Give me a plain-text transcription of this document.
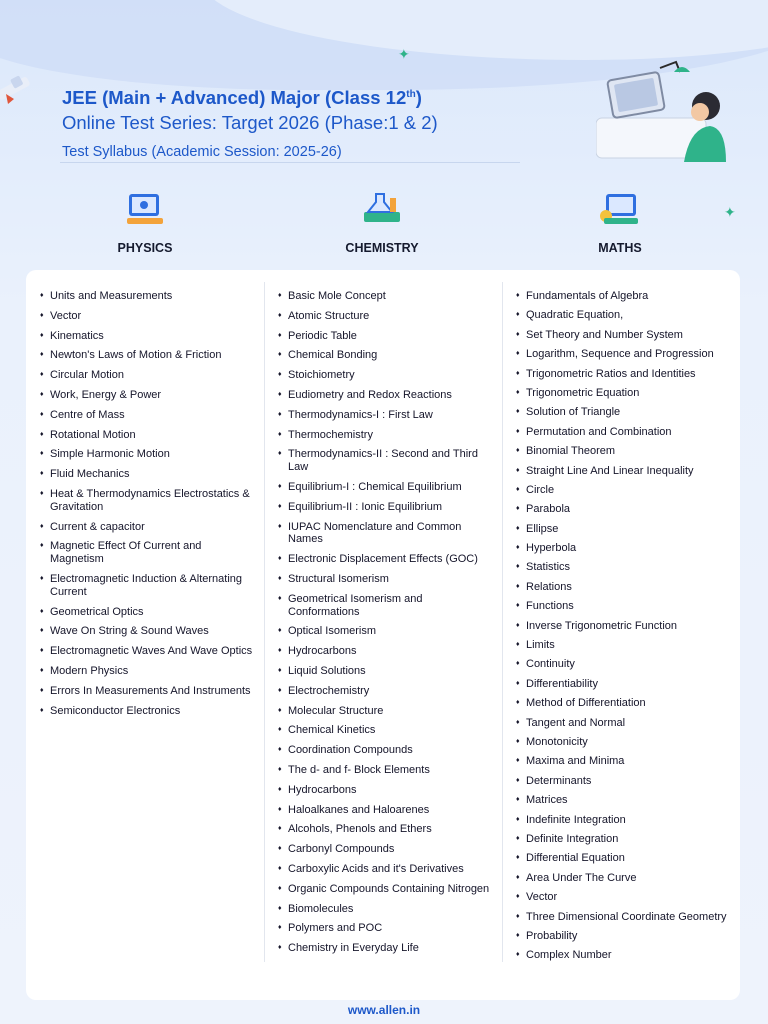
✦
✦

JEE (Main + Advanced) Major (Class 12th)

Online Test Series: Target 2026 (Phase:1 & 2)

Test Syllabus (Academic Session: 2025-26)

PHYSICS	CHEMISTRY	MATHS
♦ Units and Measurements
♦ Vector
♦ Kinematics
♦ Newton's Laws of Motion & Friction
♦ Circular Motion
♦ Work, Energy & Power
♦ Centre of Mass
♦ Rotational Motion
♦ Simple Harmonic Motion
♦ Fluid Mechanics
♦ Heat & Thermodynamics Electrostatics & Gravitation
♦ Current & capacitor
♦ Magnetic Effect Of Current and Magnetism
♦ Electromagnetic Induction & Alternating Current
♦ Geometrical Optics
♦ Wave On String & Sound Waves
♦ Electromagnetic Waves And Wave Optics
♦ Modern Physics
♦ Errors In Measurements And Instruments
♦ Semiconductor Electronics
♦ Basic Mole Concept
♦ Atomic Structure
♦ Periodic Table
♦ Chemical Bonding
♦ Stoichiometry
♦ Eudiometry and Redox Reactions
♦ Thermodynamics-I : First Law
♦ Thermochemistry
♦ Thermodynamics-II : Second and Third Law
♦ Equilibrium-I : Chemical Equilibrium
♦ Equilibrium-II : Ionic Equilibrium
♦ IUPAC Nomenclature and Common Names
♦ Electronic Displacement Effects (GOC)
♦ Structural Isomerism
♦ Geometrical Isomerism and Conformations
♦ Optical Isomerism
♦ Hydrocarbons
♦ Liquid Solutions
♦ Electrochemistry
♦ Molecular Structure
♦ Chemical Kinetics
♦ Coordination Compounds
♦ The d- and f- Block Elements
♦ Hydrocarbons
♦ Haloalkanes and Haloarenes
♦ Alcohols, Phenols and Ethers
♦ Carbonyl Compounds
♦ Carboxylic Acids and it's Derivatives
♦ Organic Compounds Containing Nitrogen
♦ Biomolecules
♦ Polymers and POC
♦ Chemistry in Everyday Life
♦ Fundamentals of Algebra
♦ Quadratic Equation,
♦ Set Theory and Number System
♦ Logarithm, Sequence and Progression
♦ Trigonometric Ratios and Identities
♦ Trigonometric Equation
♦ Solution of Triangle
♦ Permutation and Combination
♦ Binomial Theorem
♦ Straight Line And Linear Inequality
♦ Circle
♦ Parabola
♦ Ellipse
♦ Hyperbola
♦ Statistics
♦ Relations
♦ Functions
♦ Inverse Trigonometric Function
♦ Limits
♦ Continuity
♦ Differentiability
♦ Method of Differentiation
♦ Tangent and Normal
♦ Monotonicity
♦ Maxima and Minima
♦ Determinants
♦ Matrices
♦ Indefinite Integration
♦ Definite Integration
♦ Differential Equation
♦ Area Under The Curve
♦ Vector
♦ Three Dimensional Coordinate Geometry
♦ Probability
♦ Complex Number
www.allen.in
